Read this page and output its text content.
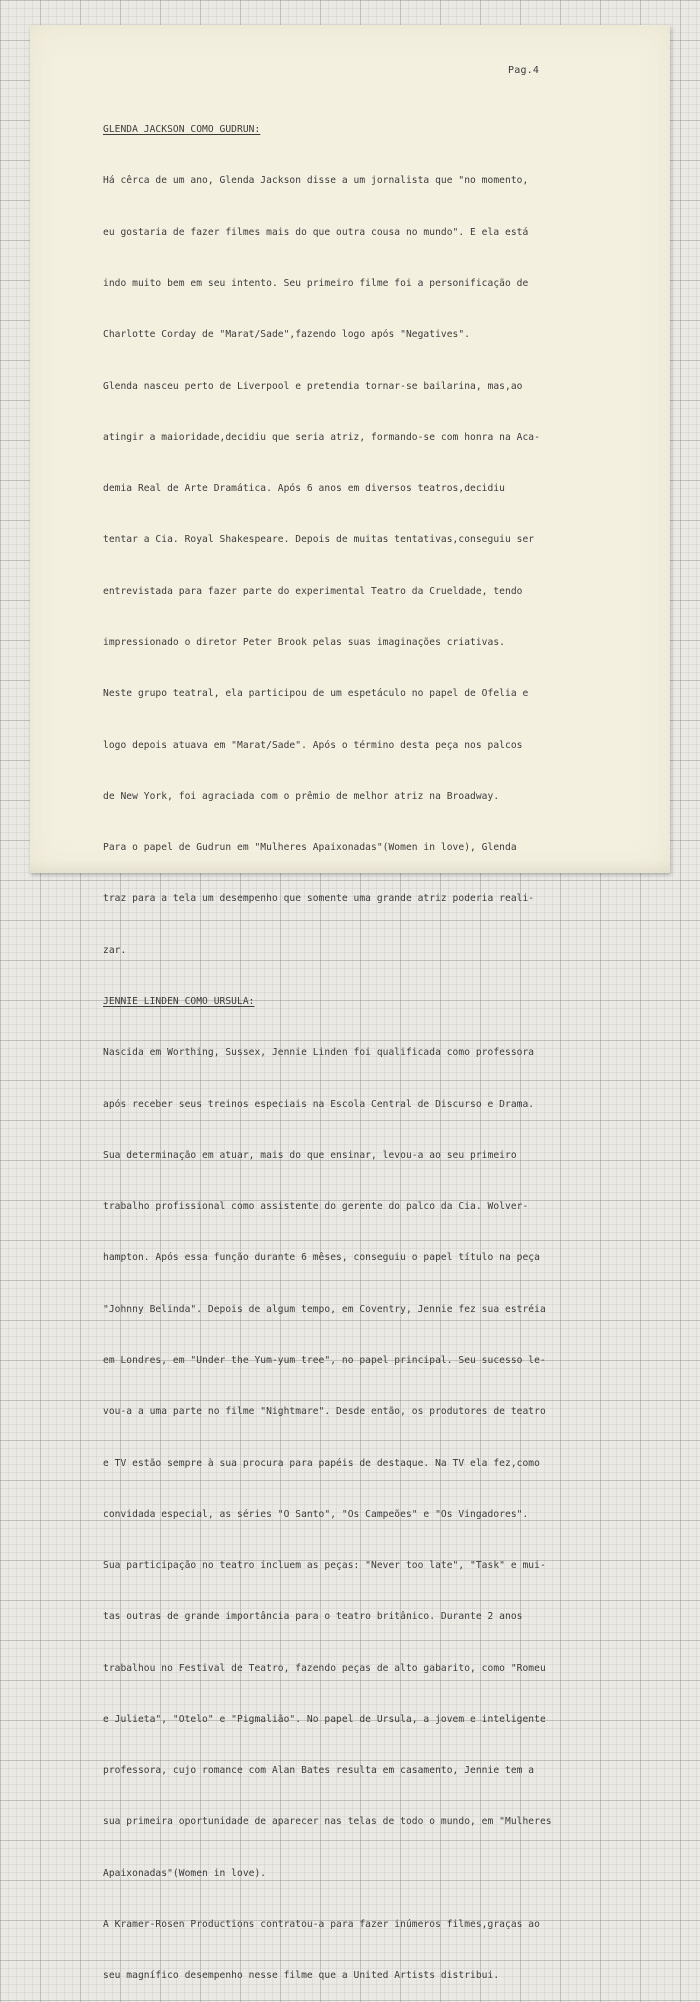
Pag.4

GLENDA JACKSON COMO GUDRUN:

Há cêrca de um ano, Glenda Jackson disse a um jornalista que "no momento,

eu gostaria de fazer filmes mais do que outra cousa no mundo". E ela está

indo muito bem em seu intento. Seu primeiro filme foi a personificação de

Charlotte Corday de "Marat/Sade",fazendo logo após "Negatives".

Glenda nasceu perto de Liverpool e pretendia tornar-se bailarina, mas,ao

atingir a maioridade,decidiu que seria atriz, formando-se com honra na Aca-

demia Real de Arte Dramática. Após 6 anos em diversos teatros,decidiu

tentar a Cia. Royal Shakespeare. Depois de muitas tentativas,conseguiu ser

entrevistada para fazer parte do experimental Teatro da Crueldade, tendo

impressionado o diretor Peter Brook pelas suas imaginações criativas.

Neste grupo teatral, ela participou de um espetáculo no papel de Ofelia e

logo depois atuava em "Marat/Sade". Após o término desta peça nos palcos

de New York, foi agraciada com o prêmio de melhor atriz na Broadway.

Para o papel de Gudrun em "Mulheres Apaixonadas"(Women in love), Glenda

traz para a tela um desempenho que somente uma grande atriz poderia reali-

zar.

JENNIE LINDEN COMO URSULA:

Nascida em Worthing, Sussex, Jennie Linden foi qualificada como professora

após receber seus treinos especiais na Escola Central de Discurso e Drama.

Sua determinação em atuar, mais do que ensinar, levou-a ao seu primeiro

trabalho profissional como assistente do gerente do palco da Cia. Wolver-

hampton. Após essa função durante 6 mêses, conseguiu o papel título na peça

"Johnny Belinda". Depois de algum tempo, em Coventry, Jennie fez sua estréia

em Londres, em "Under the Yum-yum tree", no papel principal. Seu sucesso le-

vou-a a uma parte no filme "Nightmare". Desde então, os produtores de teatro

e TV estão sempre à sua procura para papéis de destaque. Na TV ela fez,como

convidada especial, as séries "O Santo", "Os Campeões" e "Os Vingadores".

Sua participação no teatro incluem as peças: "Never too late", "Task" e mui-

tas outras de grande importância para o teatro britânico. Durante 2 anos

trabalhou no Festival de Teatro, fazendo peças de alto gabarito, como "Romeu

e Julieta", "Otelo" e "Pigmalião". No papel de Ursula, a jovem e inteligente

professora, cujo romance com Alan Bates resulta em casamento, Jennie tem a

sua primeira oportunidade de aparecer nas telas de todo o mundo, em "Mulheres

Apaixonadas"(Women in love).

A Kramer-Rosen Productions contratou-a para fazer inúmeros filmes,graças ao

seu magnífico desempenho nesse filme que a United Artists distribui.
